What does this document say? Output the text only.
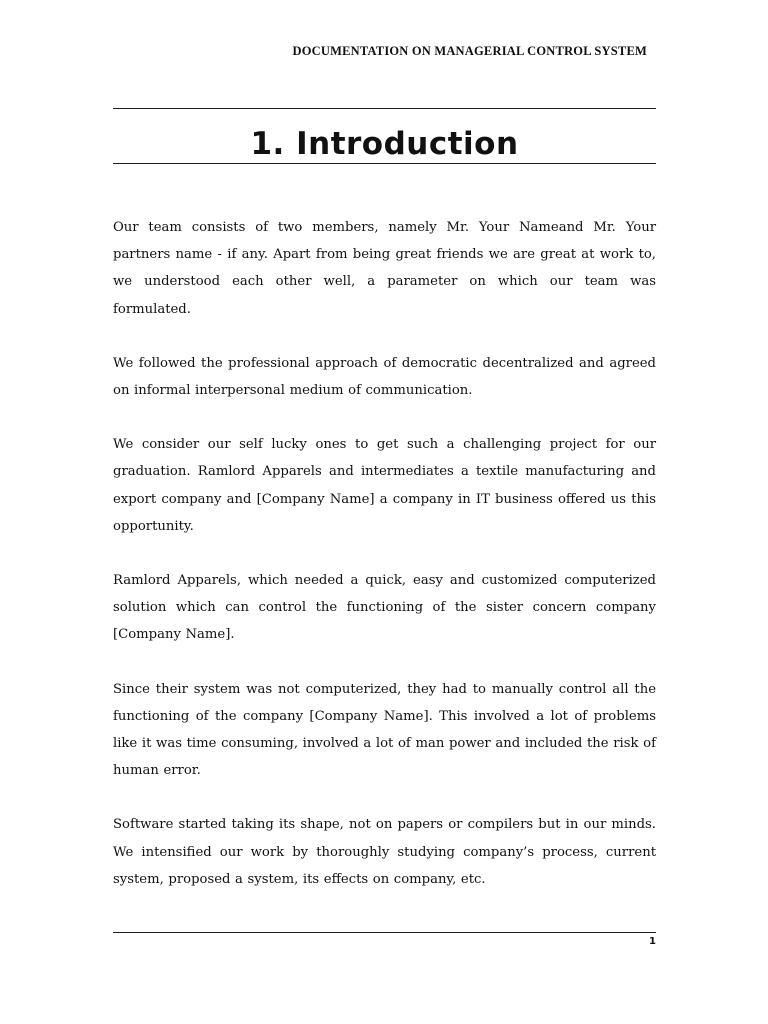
DOCUMENTATION ON MANAGERIAL CONTROL SYSTEM
1. Introduction

Our team consists of two members, namely Mr. Your Nameand Mr. Your partners name - if any. Apart from being great friends we are great at work to, we understood each other well, a parameter on which our team was formulated.

We followed the professional approach of democratic decentralized and agreed on informal interpersonal medium of communication.

We consider our self lucky ones to get such a challenging project for our graduation. Ramlord Apparels and intermediates a textile manufacturing and export company and [Company Name] a company in IT business offered us this opportunity.

Ramlord Apparels, which needed a quick, easy and customized computerized solution which can control the functioning of the sister concern company [Company Name].

Since their system was not computerized, they had to manually control all the functioning of the company [Company Name]. This involved a lot of problems like it was time consuming, involved a lot of man power and included the risk of human error.

Software started taking its shape, not on papers or compilers but in our minds. We intensified our work by thoroughly studying company’s process, current system, proposed a system, its effects on company, etc.

1
